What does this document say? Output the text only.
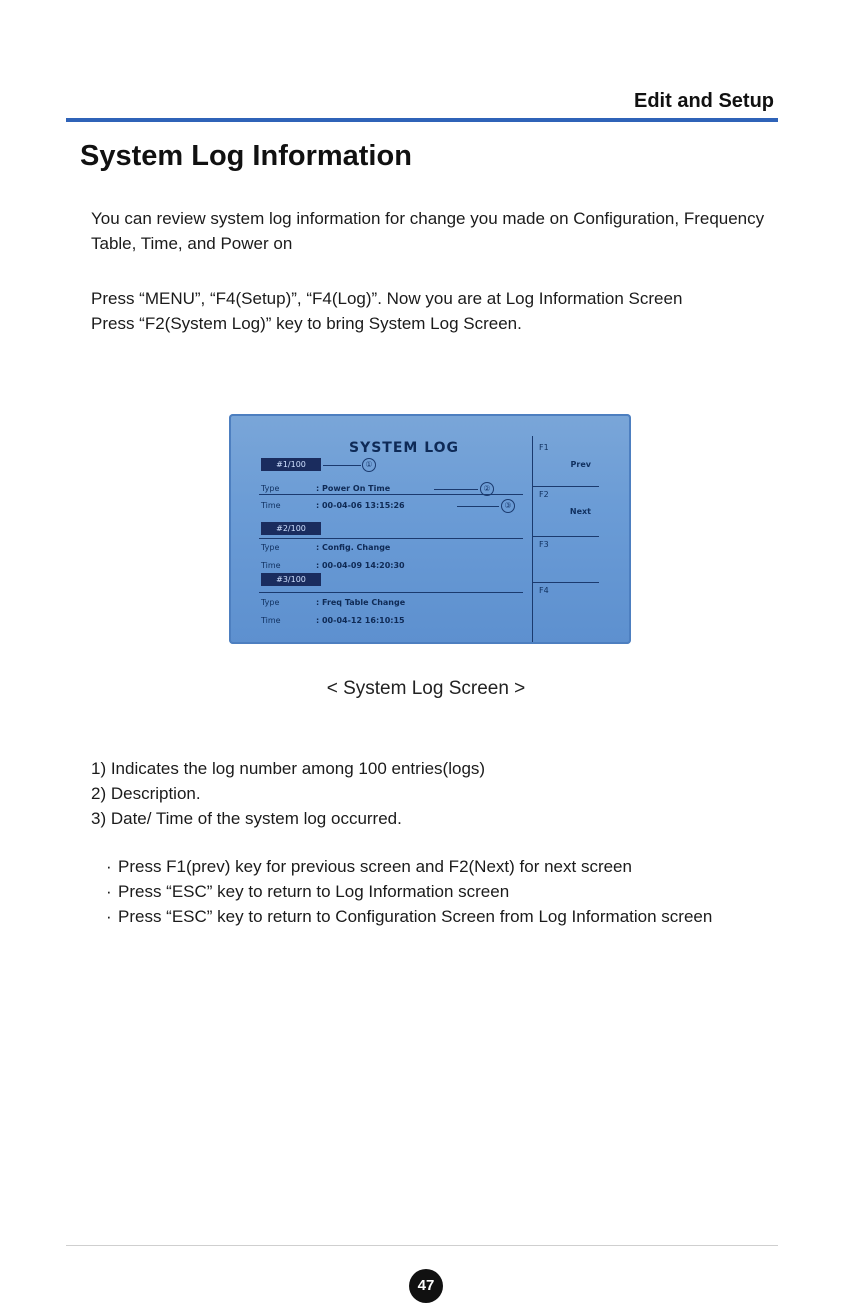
Edit and Setup
System Log Information
You can review system log information for change you made on Configuration, Frequency Table, Time, and Power on
Press “MENU”, “F4(Setup)”, “F4(Log)”. Now you are at Log Information Screen
Press “F2(System Log)” key to bring System Log Screen.
SYSTEM LOG
#1/100	①
Type	: Power On Time	②
Time	: 00-04-06 13:15:26	③
#2/100
Type	: Config. Change
Time	: 00-04-09 14:20:30
#3/100
Type	: Freq Table Change
Time	: 00-04-12 16:10:15
F1
Prev
F2
Next
F3
F4
< System Log Screen >
1) Indicates the log number among 100 entries(logs)
2) Description.
3) Date/ Time of the system log occurred.
· Press F1(prev) key for previous screen and F2(Next) for next screen
· Press “ESC” key to return to Log Information screen
· Press “ESC” key to return to Configuration Screen from Log Information screen
47
